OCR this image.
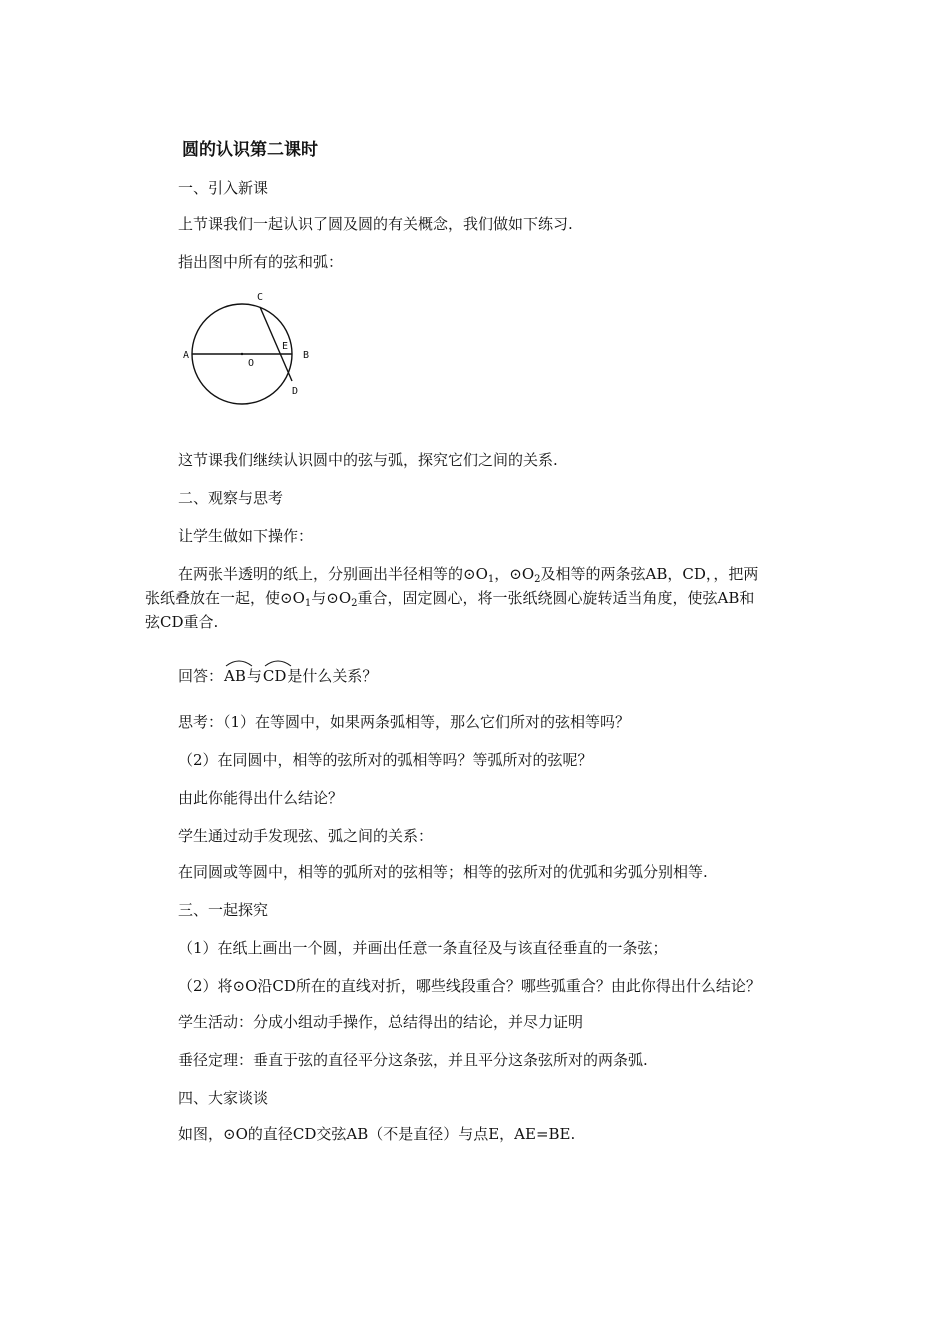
圆的认识第二课时
一、引入新课
上节课我们一起认识了圆及圆的有关概念，我们做如下练习.
指出图中所有的弦和弧：
A	B
C
D
E
O
这节课我们继续认识圆中的弦与弧，探究它们之间的关系.
二、观察与思考
让学生做如下操作：
在两张半透明的纸上，分别画出半径相等的$⊙O_1$，$⊙O_2$及相等的两条弦AB，CD，，把两
张纸叠放在一起，使$⊙O_1$与$⊙O_2$重合，固定圆心，将一张纸绕圆心旋转适当角度，使弦AB和
弦CD重合.
回答：
AB与
CD是什么关系？
思考：（1）在等圆中，如果两条弧相等，那么它们所对的弦相等吗？
（2）在同圆中，相等的弦所对的弧相等吗？等弧所对的弦呢？
由此你能得出什么结论？
学生通过动手发现弦、弧之间的关系：
在同圆或等圆中，相等的弧所对的弦相等；相等的弦所对的优弧和劣弧分别相等.
三、一起探究
（1）在纸上画出一个圆，并画出任意一条直径及与该直径垂直的一条弦；
（2）将⊙O沿CD所在的直线对折，哪些线段重合？哪些弧重合？由此你得出什么结论？
学生活动：分成小组动手操作，总结得出的结论，并尽力证明
垂径定理：垂直于弦的直径平分这条弦，并且平分这条弦所对的两条弧.
四、大家谈谈
如图，⊙O的直径CD交弦AB（不是直径）与点E，AE=BE.
